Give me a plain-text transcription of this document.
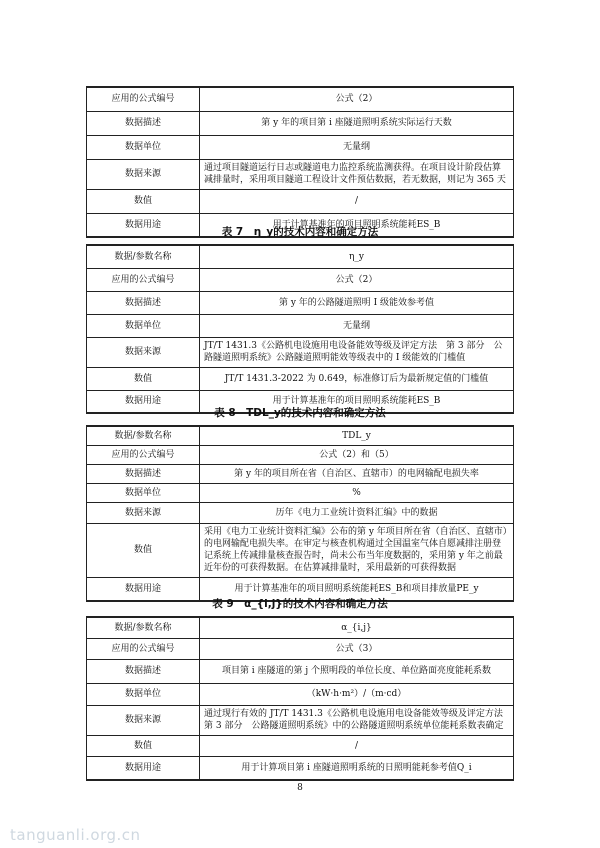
应用的公式编号	公式（2）
数据描述	第 y 年的项目第 i 座隧道照明系统实际运行天数
数据单位	无量纲
数据来源	通过项目隧道运行日志或隧道电力监控系统监测获得。在项目设计阶段估算减排量时，采用项目隧道工程设计文件预估数据，若无数据，则记为 365 天
数值	/
数据用途	用于计算基准年的项目照明系统能耗ES_B
表 7　η_y的技术内容和确定方法
数据/参数名称	η_y
应用的公式编号	公式（2）
数据描述	第 y 年的公路隧道照明 I 级能效参考值
数据单位	无量纲
数据来源	JT/T 1431.3《公路机电设施用电设备能效等级及评定方法　第 3 部分　公路隧道照明系统》公路隧道照明能效等级表中的 I 级能效的门槛值
数值	JT/T 1431.3-2022 为 0.649，标准修订后为最新规定值的门槛值
数据用途	用于计算基准年的项目照明系统能耗ES_B
表 8　TDL_y的技术内容和确定方法
数据/参数名称	TDL_y
应用的公式编号	公式（2）和（5）
数据描述	第 y 年的项目所在省（自治区、直辖市）的电网输配电损失率
数据单位	%
数据来源	历年《电力工业统计资料汇编》中的数据
数值	采用《电力工业统计资料汇编》公布的第 y 年项目所在省（自治区、直辖市）的电网输配电损失率。在审定与核查机构通过全国温室气体自愿减排注册登记系统上传减排量核查报告时，尚未公布当年度数据的，采用第 y 年之前最近年份的可获得数据。在估算减排量时，采用最新的可获得数据
数据用途	用于计算基准年的项目照明系统能耗ES_B和项目排放量PE_y
表 9　α_{i,j}的技术内容和确定方法
数据/参数名称	α_{i,j}
应用的公式编号	公式（3）
数据描述	项目第 i 座隧道的第 j 个照明段的单位长度、单位路面亮度能耗系数
数据单位	（kW·h·m²）/（m·cd）
数据来源	通过现行有效的 JT/T 1431.3《公路机电设施用电设备能效等级及评定方法　第 3 部分　公路隧道照明系统》中的公路隧道照明系统单位能耗系数表确定
数值	/
数据用途	用于计算项目第 i 座隧道照明系统的日照明能耗参考值Q_i
8
tanguanli.org.cn
